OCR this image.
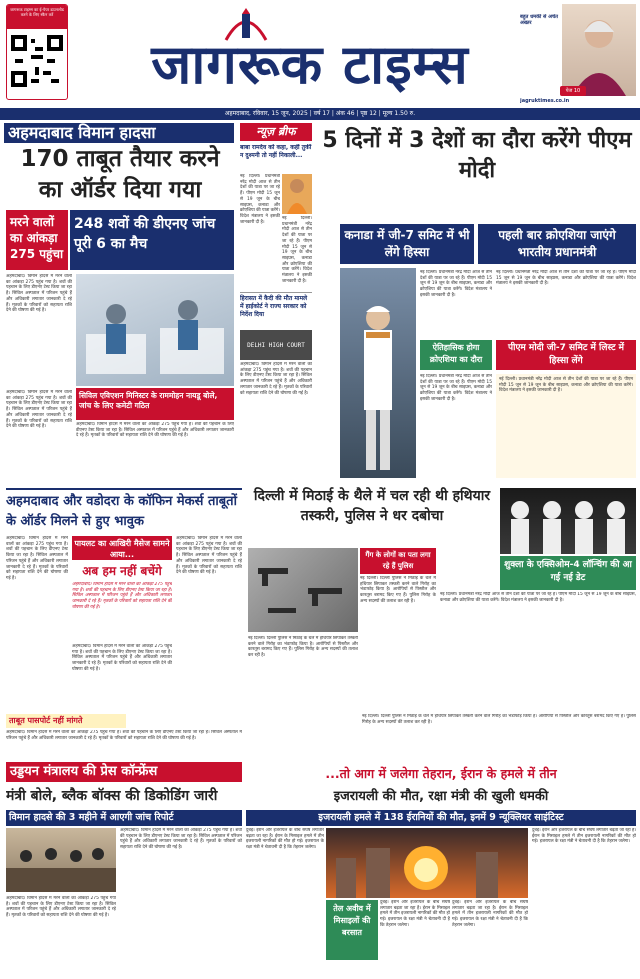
जागरूक टाइम्स का ई-पेपर डाउनलोड करने के लिए स्कैन करें
जागरूक टाइम्स
बहुत धमकी से अचेत अख्तर
पेज 10
jagruktimes.co.in
अहमदाबाद, रविवार, 15 जून, 2025 | वर्ष 17 | अंक 46 | पृष्ठ 12 | मूल्य 1.50 रु.
अहमदाबाद विमान हादसा
170 ताबूत तैयार करने का ऑर्डर दिया गया
मरने वालों का आंकड़ा 275 पहुंचा
248 शवों की डीएनए जांच पूरी 6 का मैच
अहमदाबाद। विमान हादसे में मरने वालों का आंकड़ा 275 पहुंच गया है। शवों की पहचान के लिए डीएनए टेस्ट किया जा रहा है। सिविल अस्पताल में परिजन पहुंचे हैं और अधिकारी लगातार जानकारी दे रहे हैं। मृतकों के परिवारों को सहायता राशि देने की घोषणा की गई है।
सिविल एविएशन मिनिस्टर के राममोहन नायडू बोले, जांच के लिए कमेटी गठित
अहमदाबाद। विमान हादसे में मरने वालों का आंकड़ा 275 पहुंच गया है। शवों की पहचान के लिए डीएनए टेस्ट किया जा रहा है। सिविल अस्पताल में परिजन पहुंचे हैं और अधिकारी लगातार जानकारी दे रहे हैं। मृतकों के परिवारों को सहायता राशि देने की घोषणा की गई है।	अहमदाबाद। विमान हादसे में मरने वालों का आंकड़ा 275 पहुंच गया है। शवों की पहचान के लिए डीएनए टेस्ट किया जा रहा है। सिविल अस्पताल में परिजन पहुंचे हैं और अधिकारी लगातार जानकारी दे रहे हैं। मृतकों के परिवारों को सहायता राशि देने की घोषणा की गई है।
न्यूज़ ब्रीफ
बाबा रामदेव को कहा, कहीं तुर्की न दुश्मनी तो नहीं निकाली...
नई दिल्ली। प्रधानमंत्री नरेंद्र मोदी आज से तीन देशों की यात्रा पर जा रहे हैं। पीएम मोदी 15 जून से 19 जून के बीच साइप्रस, कनाडा और क्रोएशिया की यात्रा करेंगे। विदेश मंत्रालय ने इसकी जानकारी दी है।
नई दिल्ली। प्रधानमंत्री नरेंद्र मोदी आज से तीन देशों की यात्रा पर जा रहे हैं। पीएम मोदी 15 जून से 19 जून के बीच साइप्रस, कनाडा और क्रोएशिया की यात्रा करेंगे। विदेश मंत्रालय ने इसकी जानकारी दी है।
हिरासत में कैदी की मौत मामले में हाईकोर्ट ने राज्य सरकार को निर्देश दिया
DELHI HIGH COURT
अहमदाबाद। विमान हादसे में मरने वालों का आंकड़ा 275 पहुंच गया है। शवों की पहचान के लिए डीएनए टेस्ट किया जा रहा है। सिविल अस्पताल में परिजन पहुंचे हैं और अधिकारी लगातार जानकारी दे रहे हैं। मृतकों के परिवारों को सहायता राशि देने की घोषणा की गई है।
5 दिनों में 3 देशों का दौरा करेंगे पीएम मोदी
कनाडा में जी-7 समिट में भी लेंगे हिस्सा
पहली बार क्रोएशिया जाएंगे भारतीय प्रधानमंत्री
नई दिल्ली। प्रधानमंत्री नरेंद्र मोदी आज से तीन देशों की यात्रा पर जा रहे हैं। पीएम मोदी 15 जून से 19 जून के बीच साइप्रस, कनाडा और क्रोएशिया की यात्रा करेंगे। विदेश मंत्रालय ने इसकी जानकारी दी है।
नई दिल्ली। प्रधानमंत्री नरेंद्र मोदी आज से तीन देशों की यात्रा पर जा रहे हैं। पीएम मोदी 15 जून से 19 जून के बीच साइप्रस, कनाडा और क्रोएशिया की यात्रा करेंगे। विदेश मंत्रालय ने इसकी जानकारी दी है।
ऐतिहासिक होगा क्रोएशिया का दौरा
नई दिल्ली। प्रधानमंत्री नरेंद्र मोदी आज से तीन देशों की यात्रा पर जा रहे हैं। पीएम मोदी 15 जून से 19 जून के बीच साइप्रस, कनाडा और क्रोएशिया की यात्रा करेंगे। विदेश मंत्रालय ने इसकी जानकारी दी है।
पीएम मोदी जी-7 समिट में लिस्ट में हिस्सा लेंगे
नई दिल्ली। प्रधानमंत्री नरेंद्र मोदी आज से तीन देशों की यात्रा पर जा रहे हैं। पीएम मोदी 15 जून से 19 जून के बीच साइप्रस, कनाडा और क्रोएशिया की यात्रा करेंगे। विदेश मंत्रालय ने इसकी जानकारी दी है।
अहमदाबाद और वडोदरा के कॉफिन मेकर्स ताबूतों के ऑर्डर मिलने से हुए भावुक
अहमदाबाद। विमान हादसे में मरने वालों का आंकड़ा 275 पहुंच गया है। शवों की पहचान के लिए डीएनए टेस्ट किया जा रहा है। सिविल अस्पताल में परिजन पहुंचे हैं और अधिकारी लगातार जानकारी दे रहे हैं। मृतकों के परिवारों को सहायता राशि देने की घोषणा की गई है।
पायलट का आखिरी मैसेज सामने आया...
अब हम नहीं बचेंगे
अहमदाबाद। विमान हादसे में मरने वालों का आंकड़ा 275 पहुंच गया है। शवों की पहचान के लिए डीएनए टेस्ट किया जा रहा है। सिविल अस्पताल में परिजन पहुंचे हैं और अधिकारी लगातार जानकारी दे रहे हैं। मृतकों के परिवारों को सहायता राशि देने की घोषणा की गई है।
अहमदाबाद। विमान हादसे में मरने वालों का आंकड़ा 275 पहुंच गया है। शवों की पहचान के लिए डीएनए टेस्ट किया जा रहा है। सिविल अस्पताल में परिजन पहुंचे हैं और अधिकारी लगातार जानकारी दे रहे हैं। मृतकों के परिवारों को सहायता राशि देने की घोषणा की गई है।
ताबूत पासपोर्ट नहीं मांगते
अहमदाबाद। विमान हादसे में मरने वालों का आंकड़ा 275 पहुंच गया है। शवों की पहचान के लिए डीएनए टेस्ट किया जा रहा है। सिविल अस्पताल में परिजन पहुंचे हैं और अधिकारी लगातार जानकारी दे रहे हैं। मृतकों के परिवारों को सहायता राशि देने की घोषणा की गई है।
अहमदाबाद। विमान हादसे में मरने वालों का आंकड़ा 275 पहुंच गया है। शवों की पहचान के लिए डीएनए टेस्ट किया जा रहा है। सिविल अस्पताल में परिजन पहुंचे हैं और अधिकारी लगातार जानकारी दे रहे हैं। मृतकों के परिवारों को सहायता राशि देने की घोषणा की गई है।
दिल्ली में मिठाई के थैले में चल रही थी हथियार तस्करी, पुलिस ने धर दबोचा
गैंग के लोगों का पता लगा रहे हैं पुलिस
नई दिल्ली। दिल्ली पुलिस ने मिठाई के थैले में हथियार छिपाकर तस्करी करने वाले गिरोह का भंडाफोड़ किया है। आरोपियों से पिस्तौल और कारतूस बरामद किए गए हैं। पुलिस गिरोह के अन्य सदस्यों की तलाश कर रही है।
नई दिल्ली। दिल्ली पुलिस ने मिठाई के थैले में हथियार छिपाकर तस्करी करने वाले गिरोह का भंडाफोड़ किया है। आरोपियों से पिस्तौल और कारतूस बरामद किए गए हैं। पुलिस गिरोह के अन्य सदस्यों की तलाश कर रही है।
शुक्ला के एक्सिओम-4 लॉन्चिंग की आ गई नई डेट
नई दिल्ली। प्रधानमंत्री नरेंद्र मोदी आज से तीन देशों की यात्रा पर जा रहे हैं। पीएम मोदी 15 जून से 19 जून के बीच साइप्रस, कनाडा और क्रोएशिया की यात्रा करेंगे। विदेश मंत्रालय ने इसकी जानकारी दी है।
नई दिल्ली। दिल्ली पुलिस ने मिठाई के थैले में हथियार छिपाकर तस्करी करने वाले गिरोह का भंडाफोड़ किया है। आरोपियों से पिस्तौल और कारतूस बरामद किए गए हैं। पुलिस गिरोह के अन्य सदस्यों की तलाश कर रही है।
उड्डयन मंत्रालय की प्रेस कॉन्फ्रेंस
मंत्री बोले, ब्लैक बॉक्स की डिकोडिंग जारी
विमान हादसे की 3 महीने में आएगी जांच रिपोर्ट
अहमदाबाद। विमान हादसे में मरने वालों का आंकड़ा 275 पहुंच गया है। शवों की पहचान के लिए डीएनए टेस्ट किया जा रहा है। सिविल अस्पताल में परिजन पहुंचे हैं और अधिकारी लगातार जानकारी दे रहे हैं। मृतकों के परिवारों को सहायता राशि देने की घोषणा की गई है।
अहमदाबाद। विमान हादसे में मरने वालों का आंकड़ा 275 पहुंच गया है। शवों की पहचान के लिए डीएनए टेस्ट किया जा रहा है। सिविल अस्पताल में परिजन पहुंचे हैं और अधिकारी लगातार जानकारी दे रहे हैं। मृतकों के परिवारों को सहायता राशि देने की घोषणा की गई है।
...तो आग में जलेगा तेहरान, ईरान के हमले में तीन
इजरायली की मौत, रक्षा मंत्री की खुली धमकी
इजरायली हमले में 138 ईरानियों की मौत, इनमें 9 न्यूक्लियर साइंटिस्ट
दुबई। ईरान और इजरायल के बीच संघर्ष लगातार बढ़ता जा रहा है। ईरान के मिसाइल हमले में तीन इजरायली नागरिकों की मौत हो गई। इजरायल के रक्षा मंत्री ने चेतावनी दी है कि तेहरान जलेगा।
तेल अवीव में मिसाइलों की बरसात
दुबई। ईरान और इजरायल के बीच संघर्ष लगातार बढ़ता जा रहा है। ईरान के मिसाइल हमले में तीन इजरायली नागरिकों की मौत हो गई। इजरायल के रक्षा मंत्री ने चेतावनी दी है कि तेहरान जलेगा।
दुबई। ईरान और इजरायल के बीच संघर्ष लगातार बढ़ता जा रहा है। ईरान के मिसाइल हमले में तीन इजरायली नागरिकों की मौत हो गई। इजरायल के रक्षा मंत्री ने चेतावनी दी है कि तेहरान जलेगा।
दुबई। ईरान और इजरायल के बीच संघर्ष लगातार बढ़ता जा रहा है। ईरान के मिसाइल हमले में तीन इजरायली नागरिकों की मौत हो गई। इजरायल के रक्षा मंत्री ने चेतावनी दी है कि तेहरान जलेगा।
